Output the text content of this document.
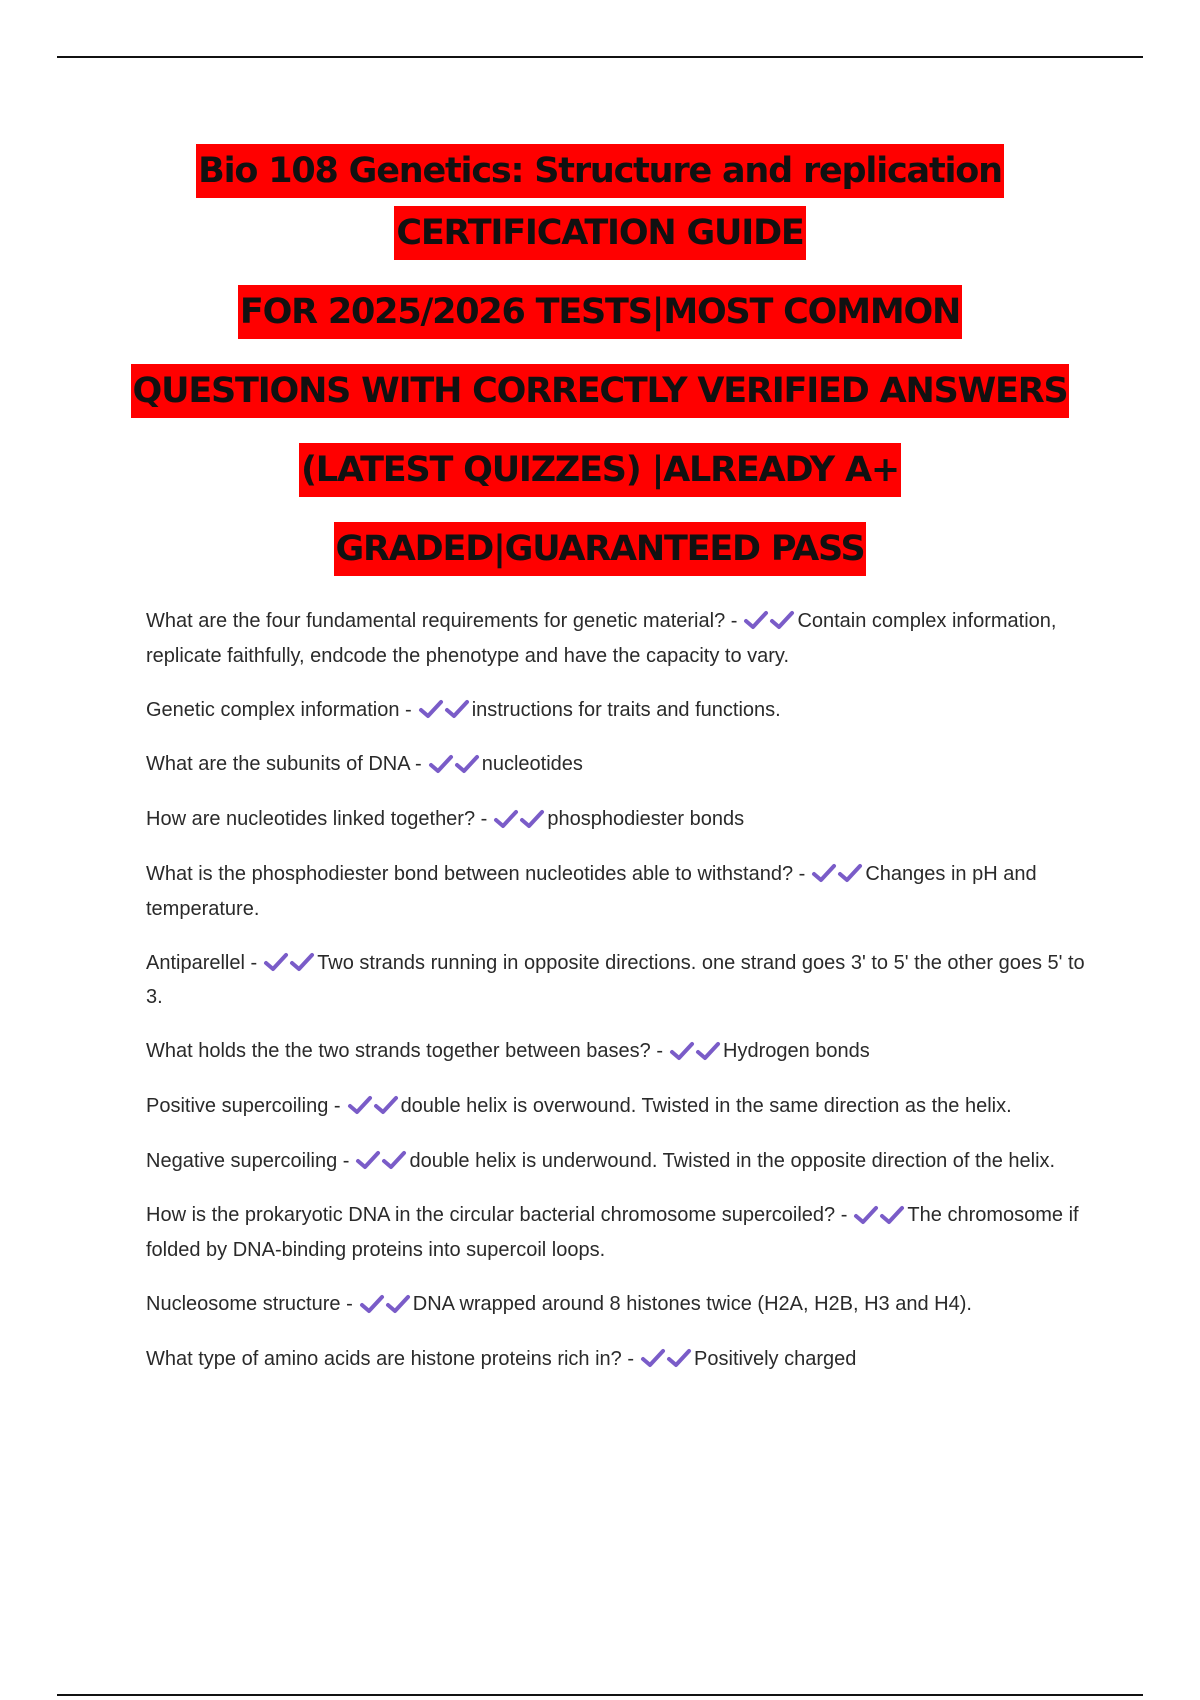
Bio 108 Genetics: Structure and replication
CERTIFICATION GUIDE
FOR 2025/2026 TESTS|MOST COMMON
QUESTIONS WITH CORRECTLY VERIFIED ANSWERS
(LATEST QUIZZES) |ALREADY A+
GRADED|GUARANTEED PASS
What are the four fundamental requirements for genetic material? -	Contain complex information, replicate faithfully, endcode the phenotype and have the capacity to vary.
Genetic complex information -	instructions for traits and functions.
What are the subunits of DNA -	nucleotides
How are nucleotides linked together? -	phosphodiester bonds
What is the phosphodiester bond between nucleotides able to withstand? -	Changes in pH and temperature.
Antiparellel -	Two strands running in opposite directions. one strand goes 3' to 5' the other goes 5' to 3.
What holds the the two strands together between bases? -	Hydrogen bonds
Positive supercoiling -	double helix is overwound. Twisted in the same direction as the helix.
Negative supercoiling -	double helix is underwound. Twisted in the opposite direction of the helix.
How is the prokaryotic DNA in the circular bacterial chromosome supercoiled? -	The chromosome if folded by DNA-binding proteins into supercoil loops.
Nucleosome structure -	DNA wrapped around 8 histones twice (H2A, H2B, H3 and H4).
What type of amino acids are histone proteins rich in? -	Positively charged
